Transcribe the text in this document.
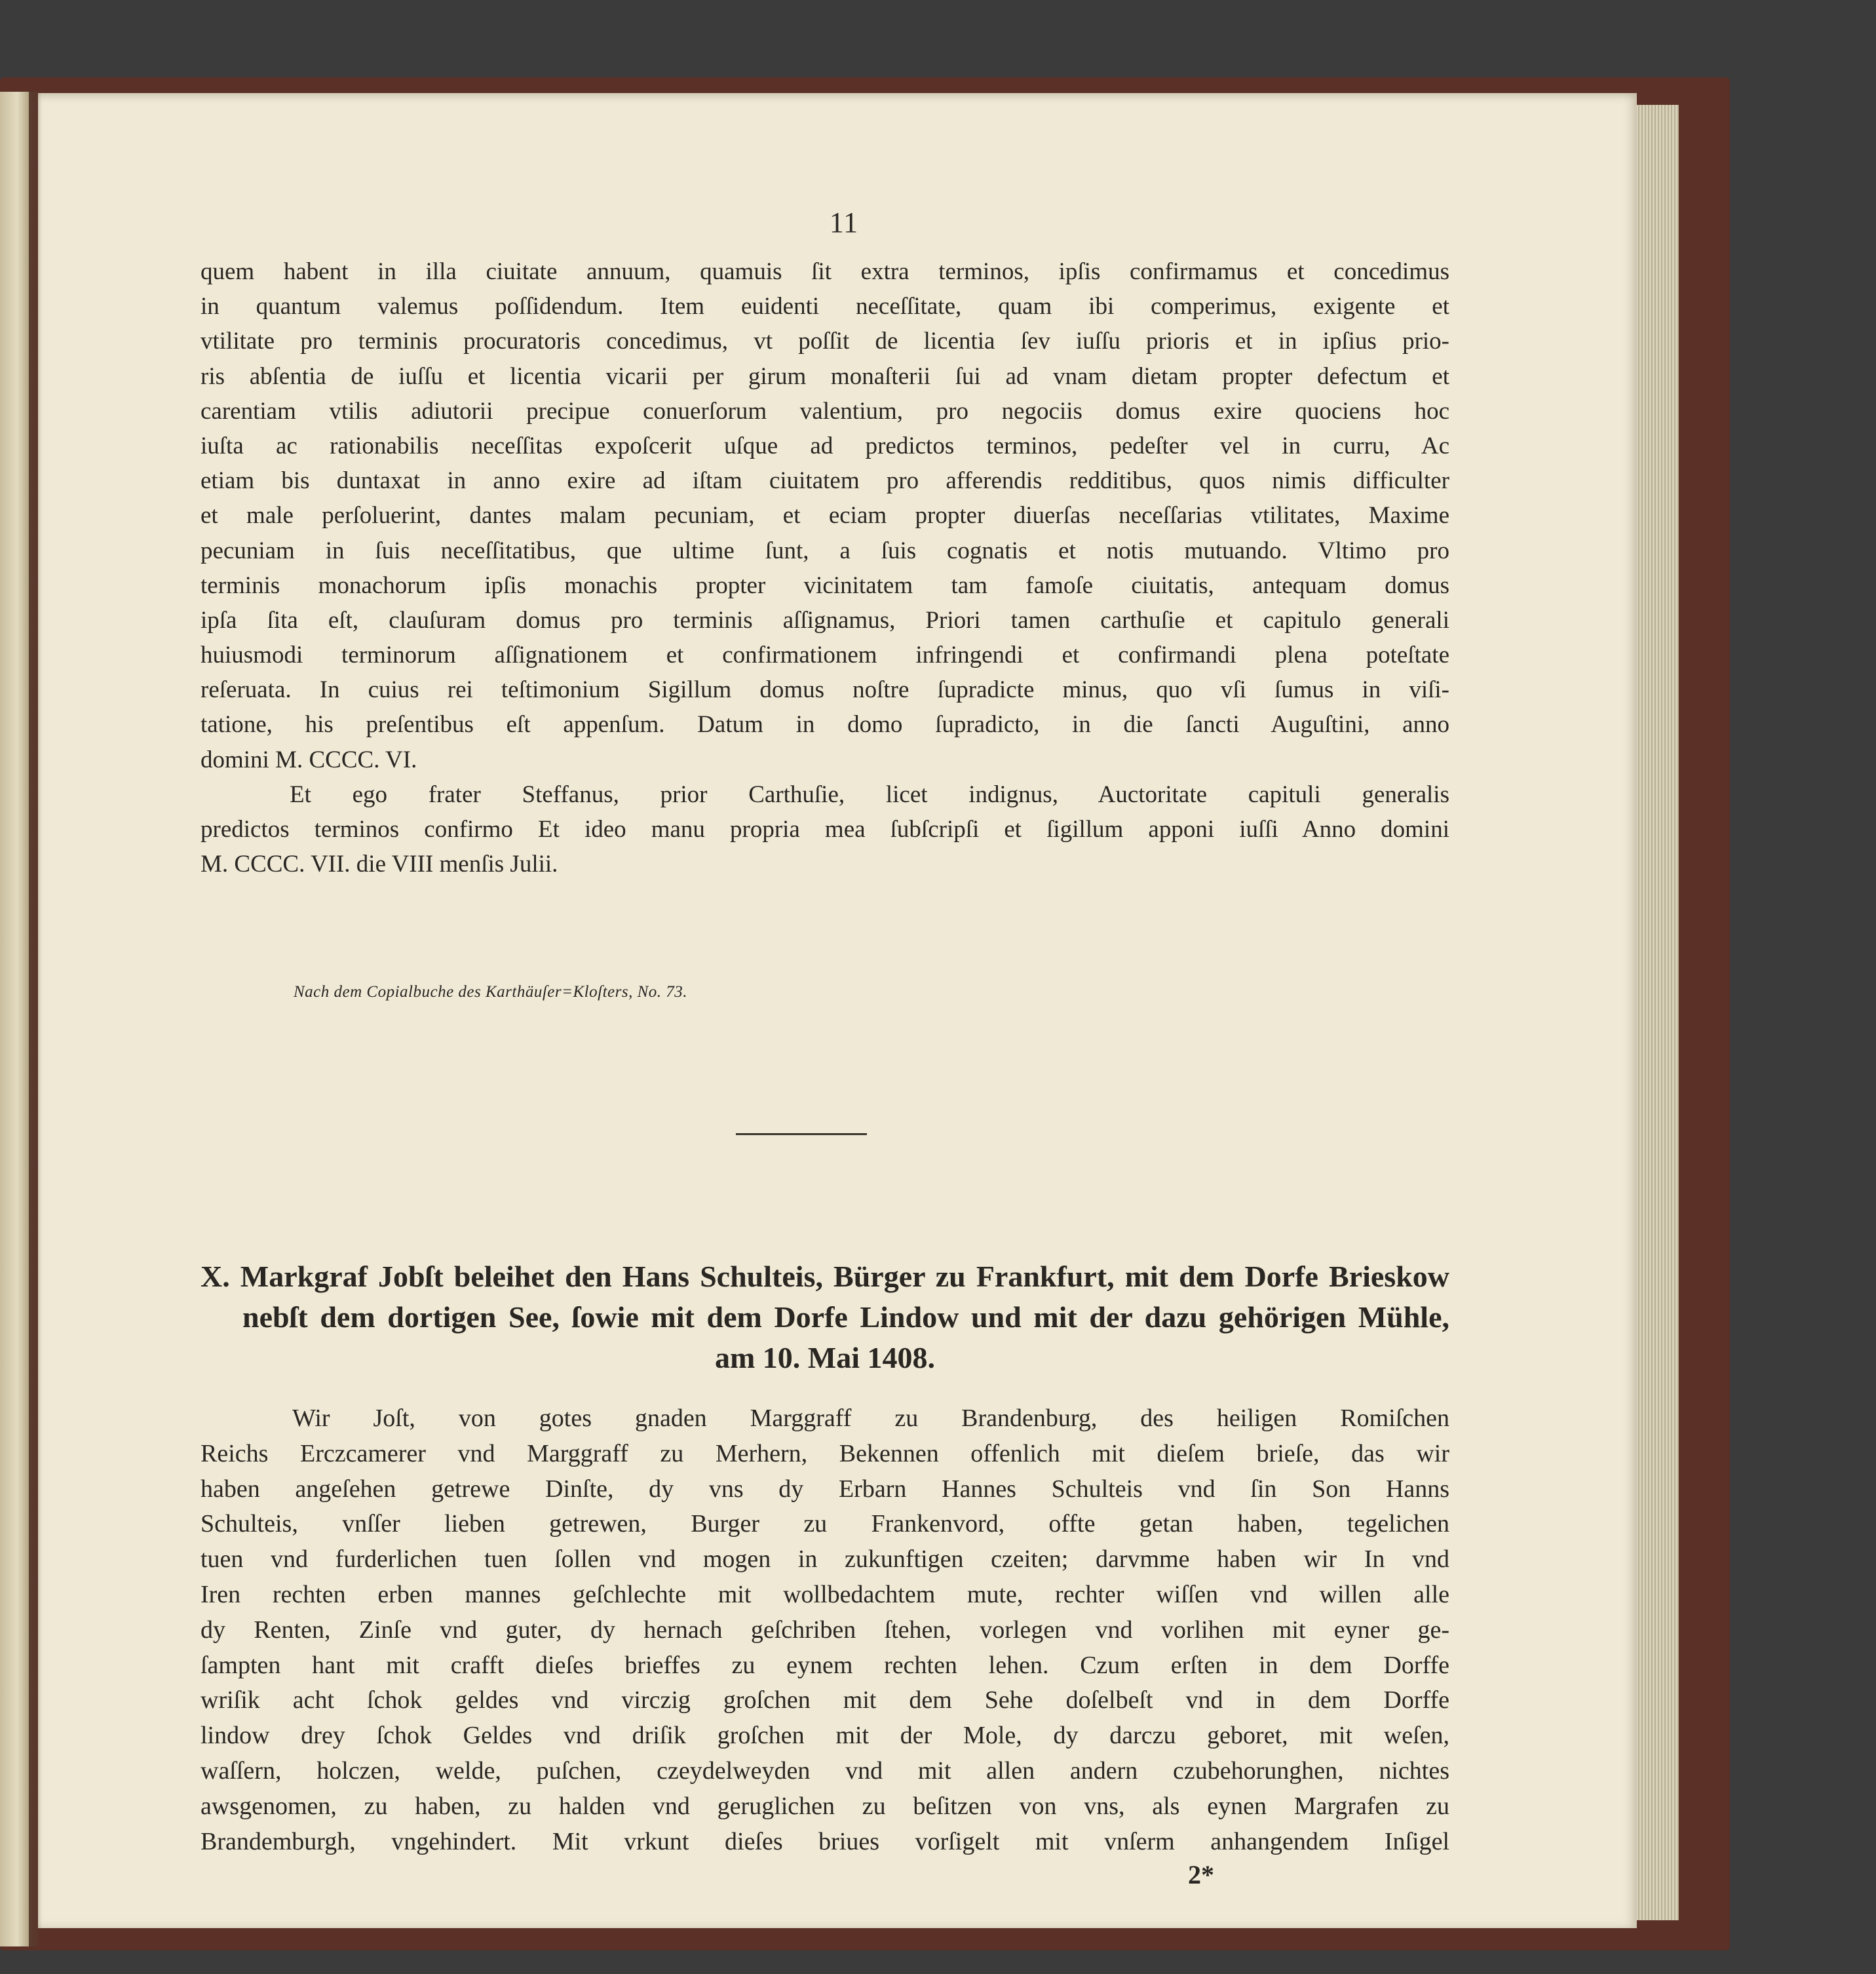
11
quem habent in illa ciuitate annuum, quamuis ſit extra terminos, ipſis confirmamus et concedimus
in quantum valemus poſſidendum. Item euidenti neceſſitate, quam ibi comperimus, exigente et
vtilitate pro terminis procuratoris concedimus, vt poſſit de licentia ſev iuſſu prioris et in ipſius prio-
ris abſentia de iuſſu et licentia vicarii per girum monaſterii ſui ad vnam dietam propter defectum et
carentiam vtilis adiutorii precipue conuerſorum valentium, pro negociis domus exire quociens hoc
iuſta ac rationabilis neceſſitas expoſcerit uſque ad predictos terminos, pedeſter vel in curru, Ac
etiam bis duntaxat in anno exire ad iſtam ciuitatem pro afferendis redditibus, quos nimis difficulter
et male perſoluerint, dantes malam pecuniam, et eciam propter diuerſas neceſſarias vtilitates, Maxime
pecuniam in ſuis neceſſitatibus, que ultime ſunt, a ſuis cognatis et notis mutuando. Vltimo pro
terminis monachorum ipſis monachis propter vicinitatem tam famoſe ciuitatis, antequam domus
ipſa ſita eſt, clauſuram domus pro terminis aſſignamus, Priori tamen carthuſie et capitulo generali
huiusmodi terminorum aſſignationem et confirmationem infringendi et confirmandi plena poteſtate
reſeruata. In cuius rei teſtimonium Sigillum domus noſtre ſupradicte minus, quo vſi ſumus in viſi-
tatione, his preſentibus eſt appenſum. Datum in domo ſupradicto, in die ſancti Auguſtini, anno
domini M. CCCC. VI.
Et ego frater Steffanus, prior Carthuſie, licet indignus, Auctoritate capituli generalis
predictos terminos confirmo Et ideo manu propria mea ſubſcripſi et ſigillum apponi iuſſi Anno domini
M. CCCC. VII. die VIII menſis Julii.
Nach dem Copialbuche des Karthäuſer=Kloſters, No. 73.
X. Markgraf Jobſt beleihet den Hans Schulteis, Bürger zu Frankfurt, mit dem Dorfe Brieskow
nebſt dem dortigen See, ſowie mit dem Dorfe Lindow und mit der dazu gehörigen Mühle,
am 10. Mai 1408.
Wir Joſt, von gotes gnaden Marggraff zu Brandenburg, des heiligen Romiſchen
Reichs Erczcamerer vnd Marggraff zu Merhern, Bekennen offenlich mit dieſem brieſe, das wir
haben angeſehen getrewe Dinſte, dy vns dy Erbarn Hannes Schulteis vnd ſin Son Hanns
Schulteis, vnſſer lieben getrewen, Burger zu Frankenvord, offte getan haben, tegelichen
tuen vnd furderlichen tuen ſollen vnd mogen in zukunftigen czeiten; darvmme haben wir In vnd
Iren rechten erben mannes geſchlechte mit wollbedachtem mute, rechter wiſſen vnd willen alle
dy Renten, Zinſe vnd guter, dy hernach geſchriben ſtehen, vorlegen vnd vorlihen mit eyner ge-
ſampten hant mit crafft dieſes brieffes zu eynem rechten lehen. Czum erſten in dem Dorffe
wriſik acht ſchok geldes vnd virczig groſchen mit dem Sehe doſelbeſt vnd in dem Dorffe
lindow drey ſchok Geldes vnd driſik groſchen mit der Mole, dy darczu geboret, mit weſen,
waſſern, holczen, welde, puſchen, czeydelweyden vnd mit allen andern czubehorunghen, nichtes
awsgenomen, zu haben, zu halden vnd geruglichen zu beſitzen von vns, als eynen Margrafen zu
Brandemburgh, vngehindert. Mit vrkunt dieſes briues vorſigelt mit vnſerm anhangendem Inſigel
2*
